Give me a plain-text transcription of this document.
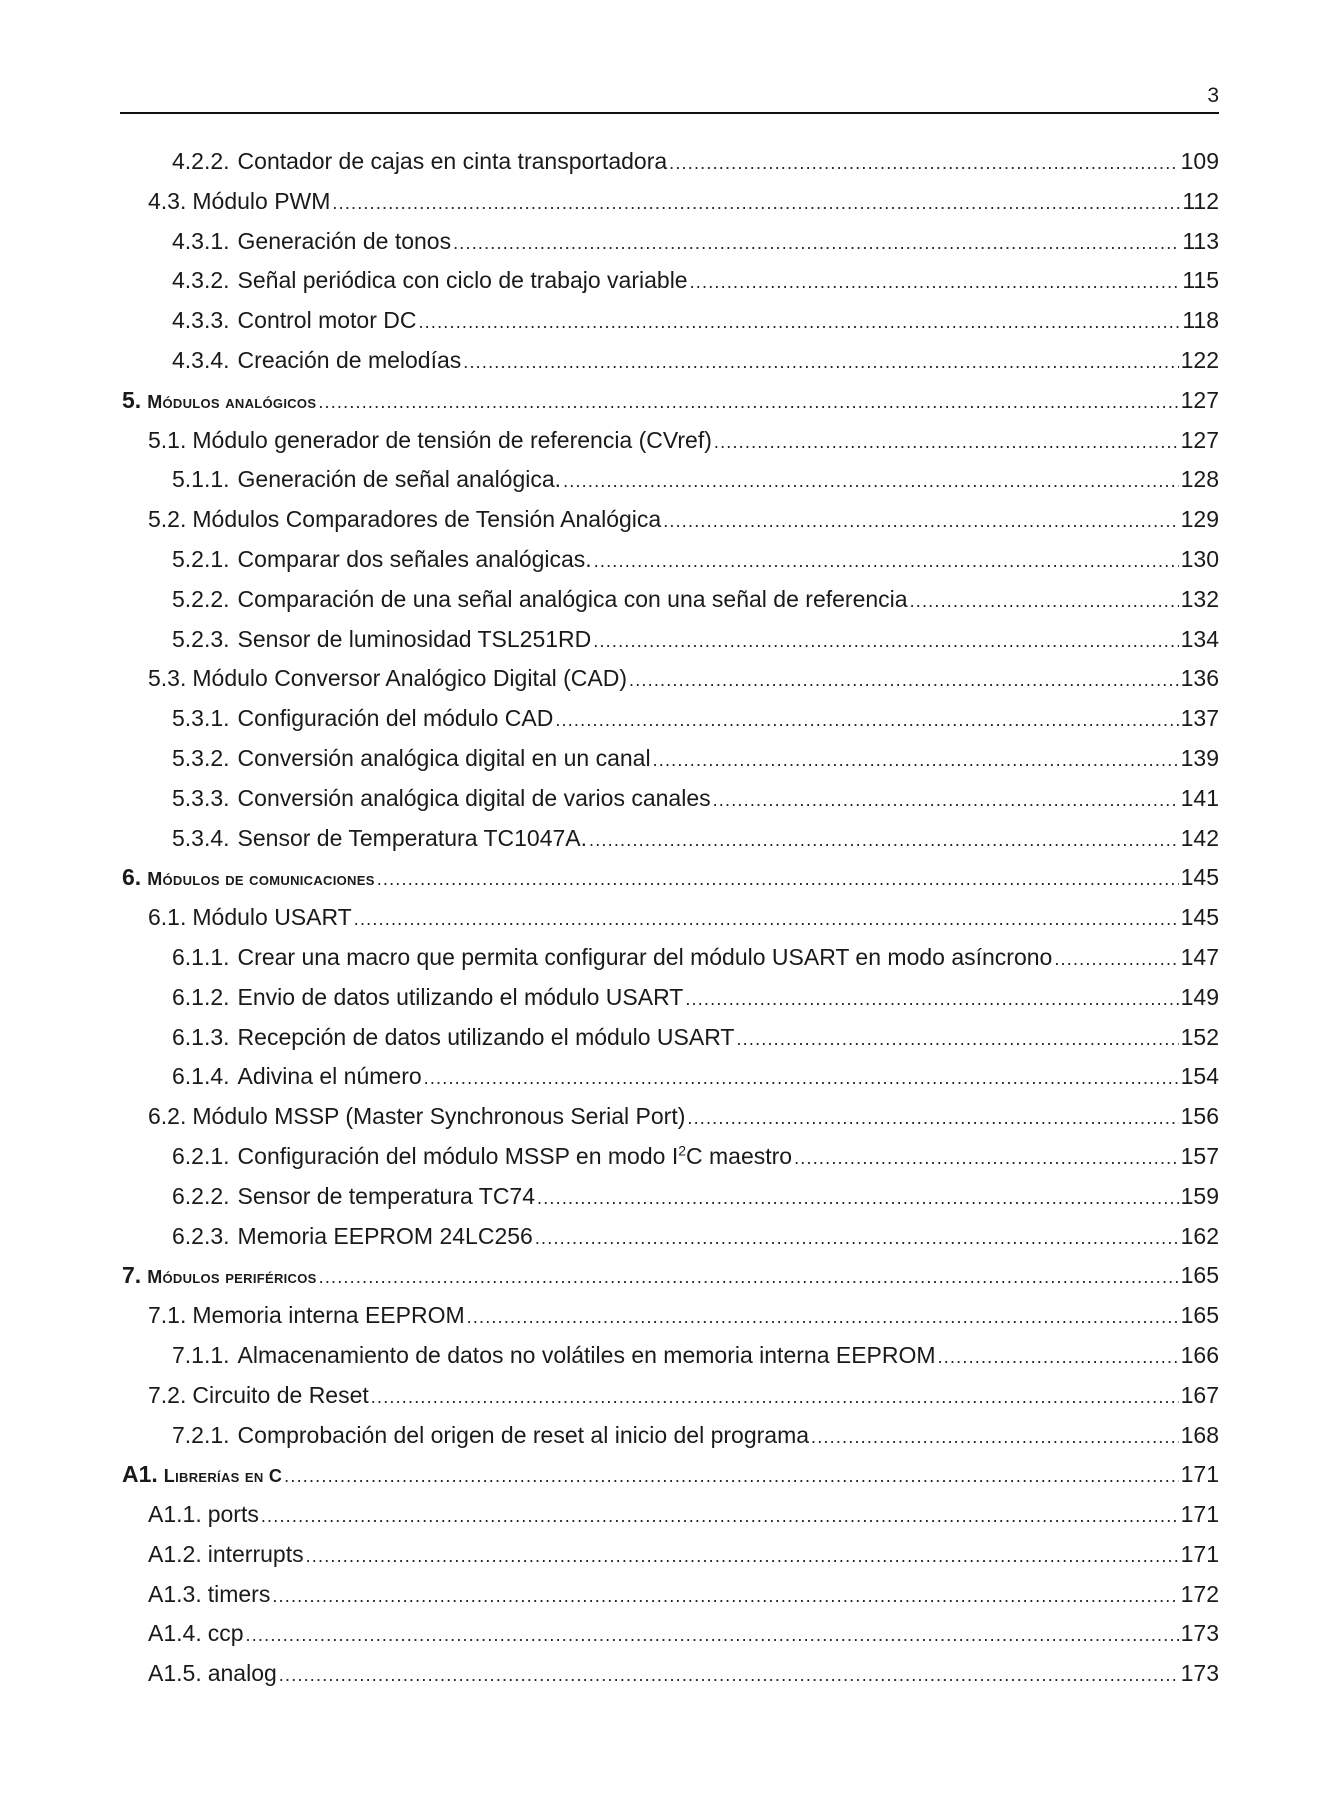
3
4.2.2. Contador de cajas en cinta transportadora .....	109
4.3. Módulo PWM .....	112
4.3.1. Generación de tonos .....	113
4.3.2. Señal periódica con ciclo de trabajo variable .....	115
4.3.3. Control motor DC .....	118
4.3.4. Creación de melodías .....	122
5. Módulos analógicos .....	127
5.1. Módulo generador de tensión de referencia (CVref) .....	127
5.1.1. Generación de señal analógica. .....	128
5.2. Módulos Comparadores de Tensión Analógica .....	129
5.2.1. Comparar dos señales analógicas. .....	130
5.2.2. Comparación de una señal analógica con una señal de referencia .....	132
5.2.3. Sensor de luminosidad TSL251RD .....	134
5.3. Módulo Conversor Analógico Digital (CAD) .....	136
5.3.1. Configuración del módulo CAD .....	137
5.3.2. Conversión analógica digital en un canal .....	139
5.3.3. Conversión analógica digital de varios canales .....	141
5.3.4. Sensor de Temperatura TC1047A. .....	142
6. Módulos de comunicaciones .....	145
6.1. Módulo USART .....	145
6.1.1. Crear una macro que permita configurar del módulo USART en modo asíncrono .....	147
6.1.2. Envio de datos utilizando el módulo USART .....	149
6.1.3. Recepción de datos utilizando el módulo USART .....	152
6.1.4. Adivina el número .....	154
6.2. Módulo MSSP (Master Synchronous Serial Port) .....	156
6.2.1. Configuración del módulo MSSP en modo $I^2C$ maestro .....	157
6.2.2. Sensor de temperatura TC74 .....	159
6.2.3. Memoria EEPROM 24LC256 .....	162
7. Módulos periféricos .....	165
7.1. Memoria interna EEPROM .....	165
7.1.1. Almacenamiento de datos no volátiles en memoria interna EEPROM .....	166
7.2. Circuito de Reset .....	167
7.2.1. Comprobación del origen de reset al inicio del programa .....	168
A1. Librerías en C .....	171
A1.1. ports .....	171
A1.2. interrupts .....	171
A1.3. timers .....	172
A1.4. ccp .....	173
A1.5. analog .....	173
